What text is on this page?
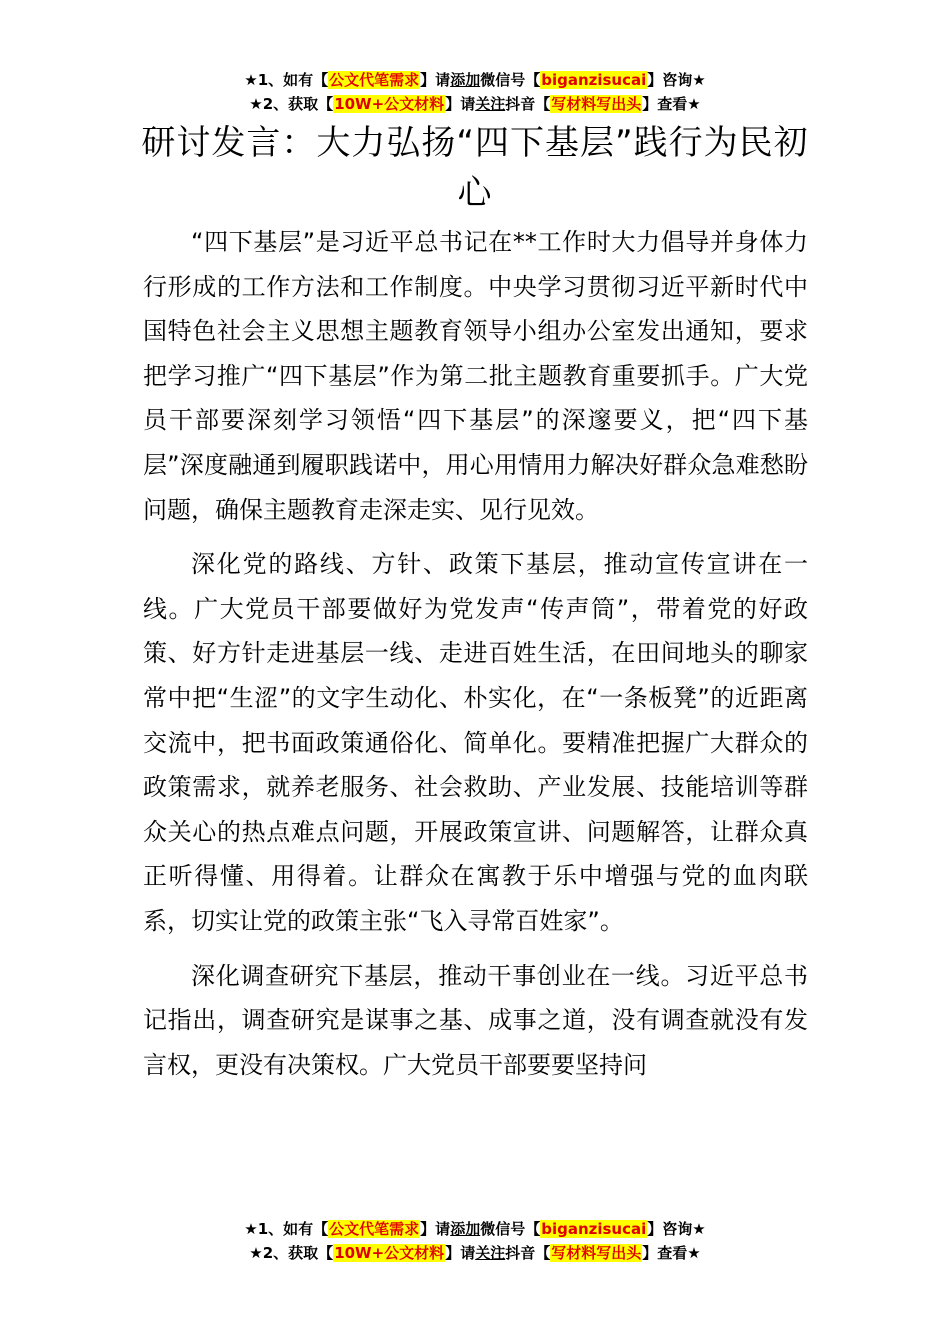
★1、如有【公文代笔需求】请添加微信号【biganzisucai】咨询★
★2、获取【10W+公文材料】请关注抖音【写材料写出头】查看★
研讨发言：大力弘扬“四下基层”践行为民初心

“四下基层”是习近平总书记在**工作时大力倡导并身体力行形成的工作方法和工作制度。中央学习贯彻习近平新时代中国特色社会主义思想主题教育领导小组办公室发出通知，要求把学习推广“四下基层”作为第二批主题教育重要抓手。广大党员干部要深刻学习领悟“四下基层”的深邃要义，把“四下基层”深度融通到履职践诺中，用心用情用力解决好群众急难愁盼问题，确保主题教育走深走实、见行见效。

深化党的路线、方针、政策下基层，推动宣传宣讲在一线。广大党员干部要做好为党发声“传声筒”，带着党的好政策、好方针走进基层一线、走进百姓生活，在田间地头的聊家常中把“生涩”的文字生动化、朴实化，在“一条板凳”的近距离交流中，把书面政策通俗化、简单化。要精准把握广大群众的政策需求，就养老服务、社会救助、产业发展、技能培训等群众关心的热点难点问题，开展政策宣讲、问题解答，让群众真正听得懂、用得着。让群众在寓教于乐中增强与党的血肉联系，切实让党的政策主张“飞入寻常百姓家”。

深化调查研究下基层，推动干事创业在一线。习近平总书记指出，调查研究是谋事之基、成事之道，没有调查就没有发言权，更没有决策权。广大党员干部要要坚持问

★1、如有【公文代笔需求】请添加微信号【biganzisucai】咨询★
★2、获取【10W+公文材料】请关注抖音【写材料写出头】查看★
